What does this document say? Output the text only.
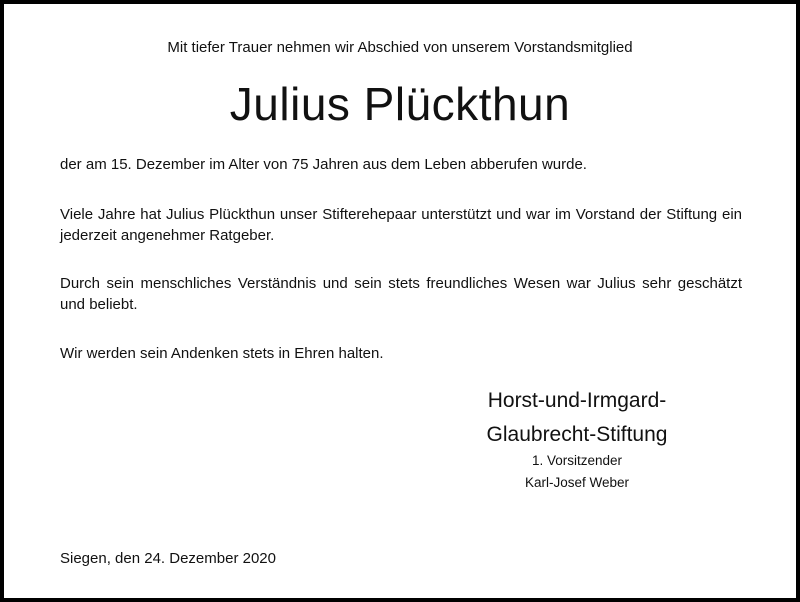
Mit tiefer Trauer nehmen wir Abschied von unserem Vorstandsmitglied
Julius Plückthun

der am 15. Dezember im Alter von 75 Jahren aus dem Leben abberufen wurde.

Viele Jahre hat Julius Plückthun unser Stifterehepaar unterstützt und war im Vorstand der Stiftung ein jederzeit angenehmer Ratgeber.

Durch sein menschliches Verständnis und sein stets freundliches Wesen war Julius sehr geschätzt und beliebt.

Wir werden sein Andenken stets in Ehren halten.

Horst-und-Irmgard-
Glaubrecht-Stiftung
1. Vorsitzender
Karl-Josef Weber
Siegen, den 24. Dezember 2020
